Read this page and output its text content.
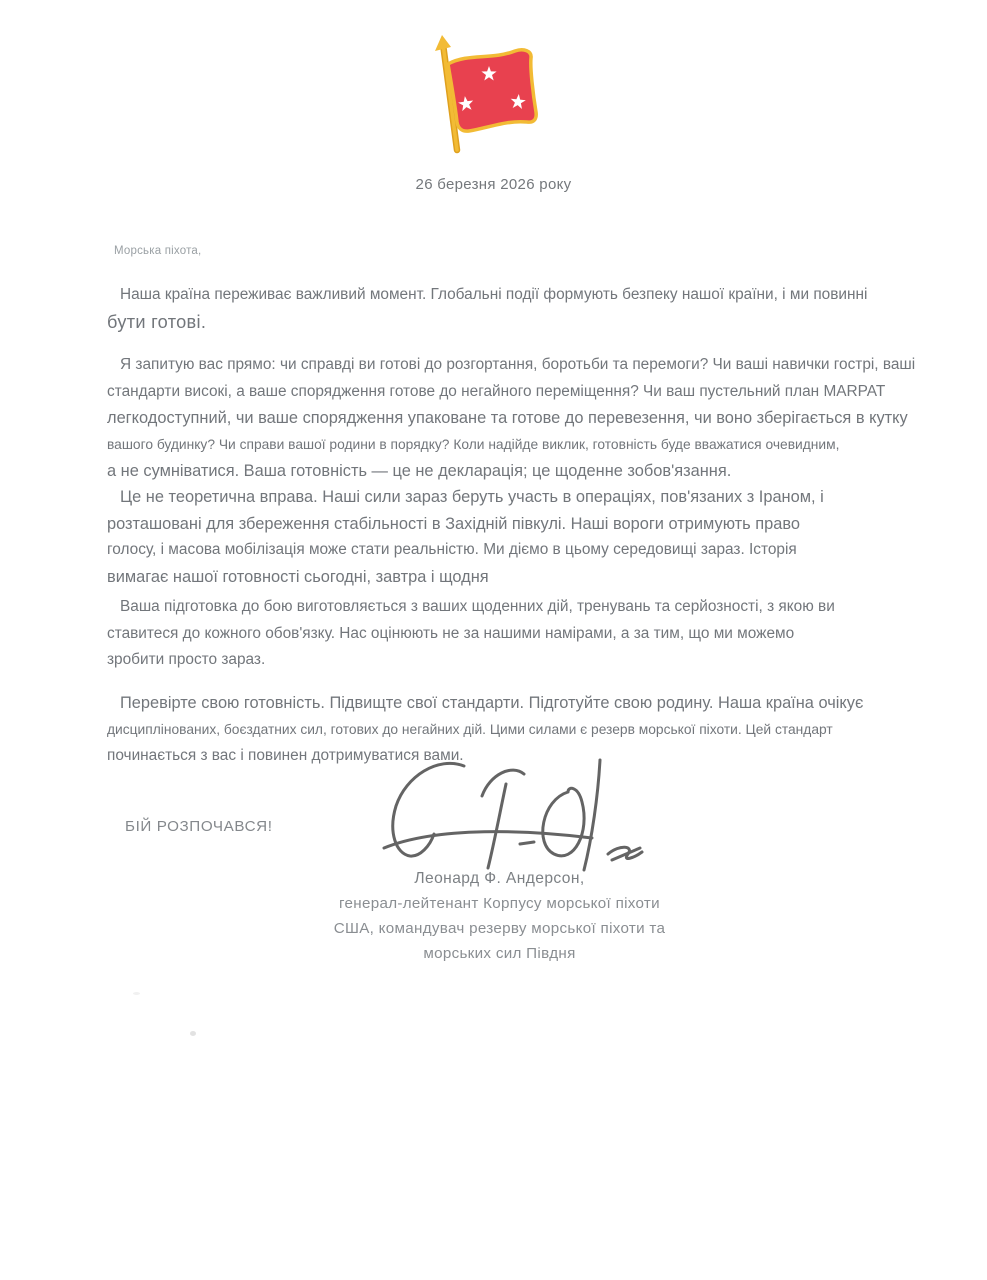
26 березня 2026 року
Морська піхота,
Наша країна переживає важливий момент. Глобальні події формують безпеку нашої країни, і ми повинні
бути готові.
Я запитую вас прямо: чи справді ви готові до розгортання, боротьби та перемоги? Чи ваші навички гострі, ваші
стандарти високі, а ваше спорядження готове до негайного переміщення? Чи ваш пустельний план MARPAT
легкодоступний, чи ваше спорядження упаковане та готове до перевезення, чи воно зберігається в кутку
вашого будинку? Чи справи вашої родини в порядку? Коли надійде виклик, готовність буде вважатися очевидним,
а не сумніватися. Ваша готовність — це не декларація; це щоденне зобов'язання.
Це не теоретична вправа. Наші сили зараз беруть участь в операціях, пов'язаних з Іраном, і
розташовані для збереження стабільності в Західній півкулі. Наші вороги отримують право
голосу, і масова мобілізація може стати реальністю. Ми діємо в цьому середовищі зараз. Історія
вимагає нашої готовності сьогодні, завтра і щодня
Ваша підготовка до бою виготовляється з ваших щоденних дій, тренувань та серйозності, з якою ви
ставитеся до кожного обов'язку. Нас оцінюють не за нашими намірами, а за тим, що ми можемо
зробити просто зараз.
Перевірте свою готовність. Підвищте свої стандарти. Підготуйте свою родину. Наша країна очікує
дисциплінованих, боєздатних сил, готових до негайних дій. Цими силами є резерв морської піхоти. Цей стандарт
починається з вас і повинен дотримуватися вами.
БІЙ РОЗПОЧАВСЯ!
Леонард Ф. Андерсон,
генерал-лейтенант Корпусу морської піхоти
США, командувач резерву морської піхоти та
морських сил Півдня
